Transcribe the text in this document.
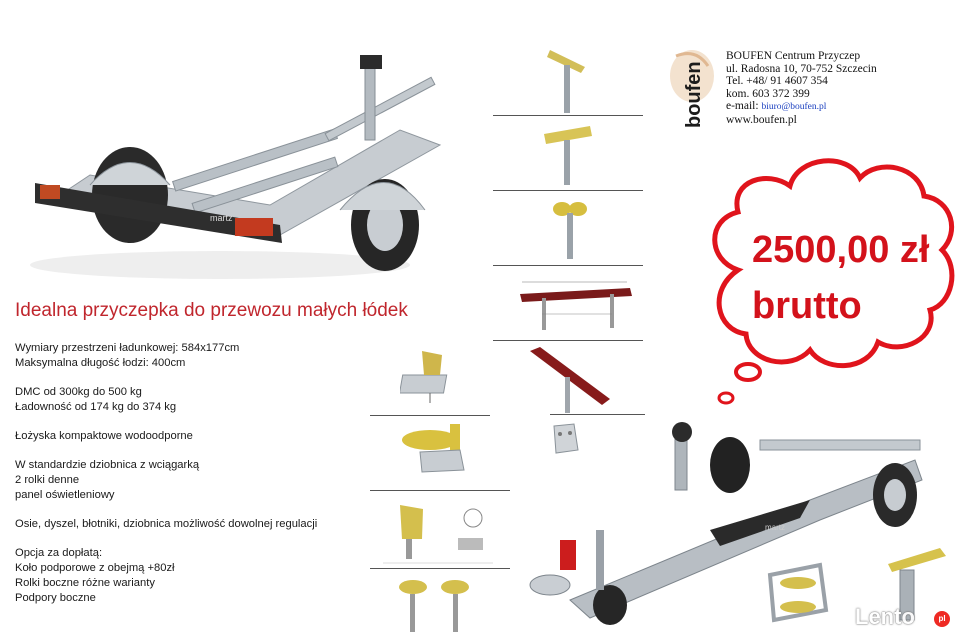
martz
boufen
BOUFEN Centrum Przyczep
ul. Radosna 10, 70-752 Szczecin
Tel. +48/ 91 4607 354
kom. 603 372 399
e-mail: biuro@boufen.pl
www.boufen.pl
martz
2500,00 zł
brutto
Idealna przyczepka do przewozu małych łódek
Wymiary przestrzeni ładunkowej: 584x177cm
Maksymalna długość łodzi: 400cm
DMC od 300kg do 500 kg
Ładowność od 174 kg do 374 kg
Łożyska kompaktowe wodoodporne
W standardzie dziobnica z wciągarką
2 rolki denne
panel oświetleniowy
Osie, dyszel, błotniki, dziobnica możliwość dowolnej regulacji
Opcja za dopłatą:
Koło podporowe z obejmą +80zł
Rolki boczne różne warianty
Podpory boczne
Lento	pl
